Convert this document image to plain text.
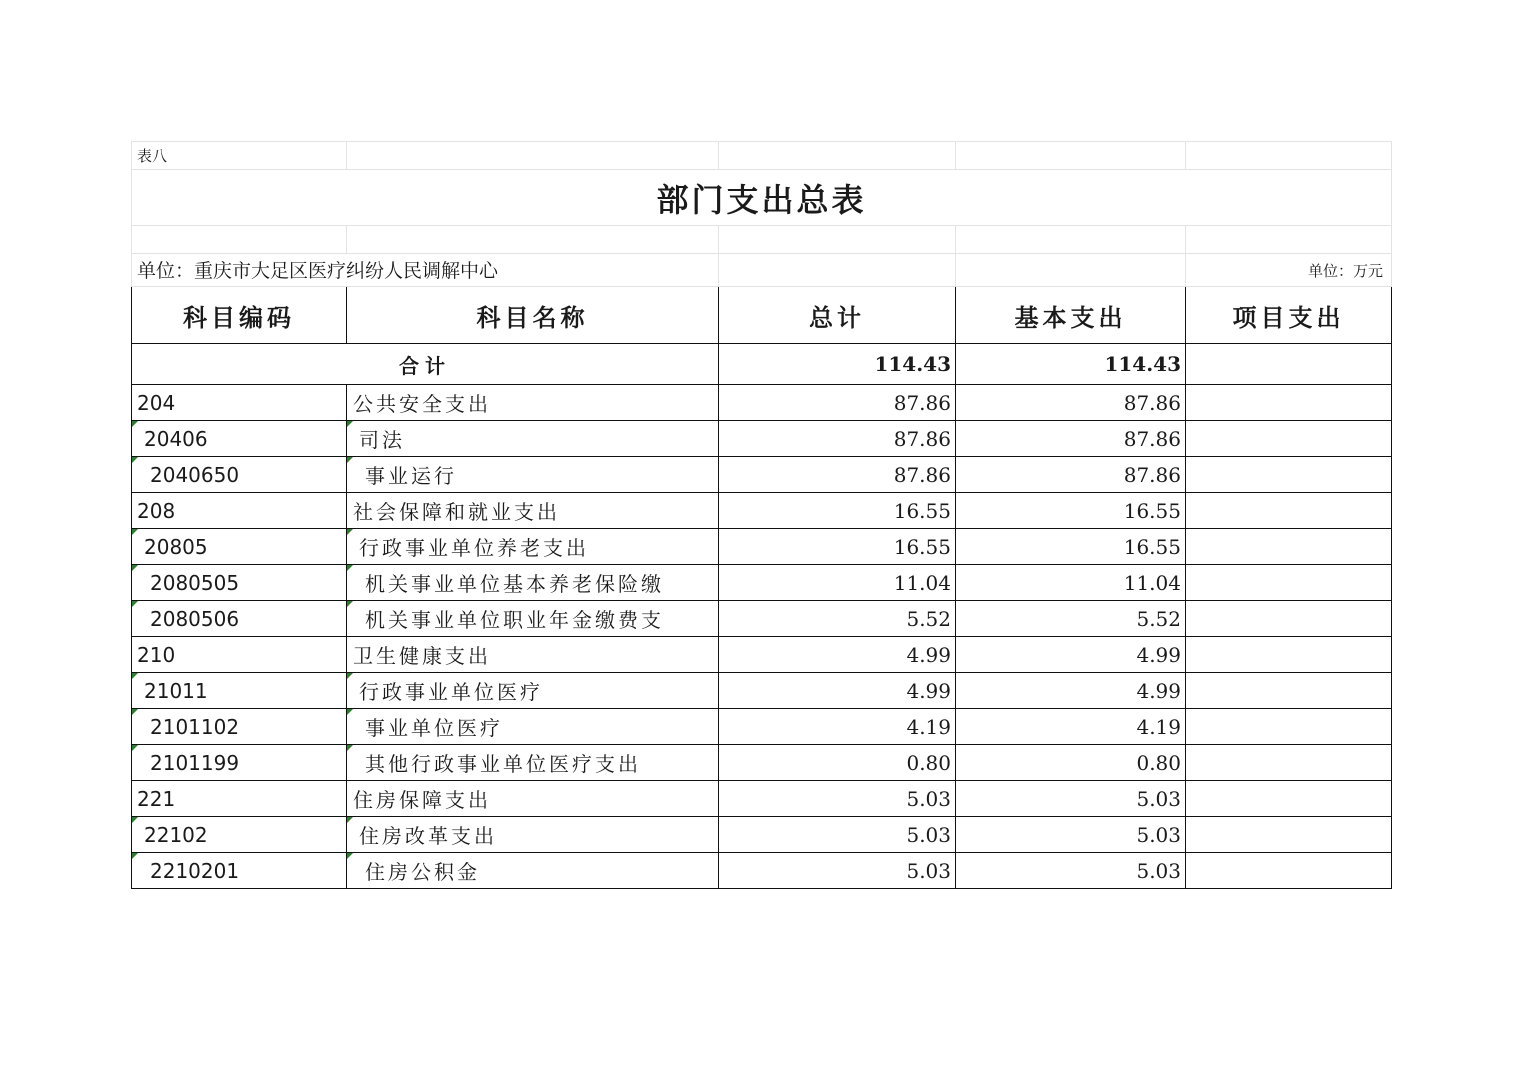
表八				
部门支出总表				

单位：重庆市大足区医疗纠纷人民调解中心				单位：万元
科目编码	科目名称	总计	基本支出	项目支出
合计		114.43	114.43	
204	公共安全支出	87.86	87.86	
20406	司法	87.86	87.86	
2040650	事业运行	87.86	87.86	
208	社会保障和就业支出	16.55	16.55	
20805	行政事业单位养老支出	16.55	16.55	
2080505	机关事业单位基本养老保险缴	11.04	11.04	
2080506	机关事业单位职业年金缴费支	5.52	5.52	
210	卫生健康支出	4.99	4.99	
21011	行政事业单位医疗	4.99	4.99	
2101102	事业单位医疗	4.19	4.19	
2101199	其他行政事业单位医疗支出	0.80	0.80	
221	住房保障支出	5.03	5.03	
22102	住房改革支出	5.03	5.03	
2210201	住房公积金	5.03	5.03	
